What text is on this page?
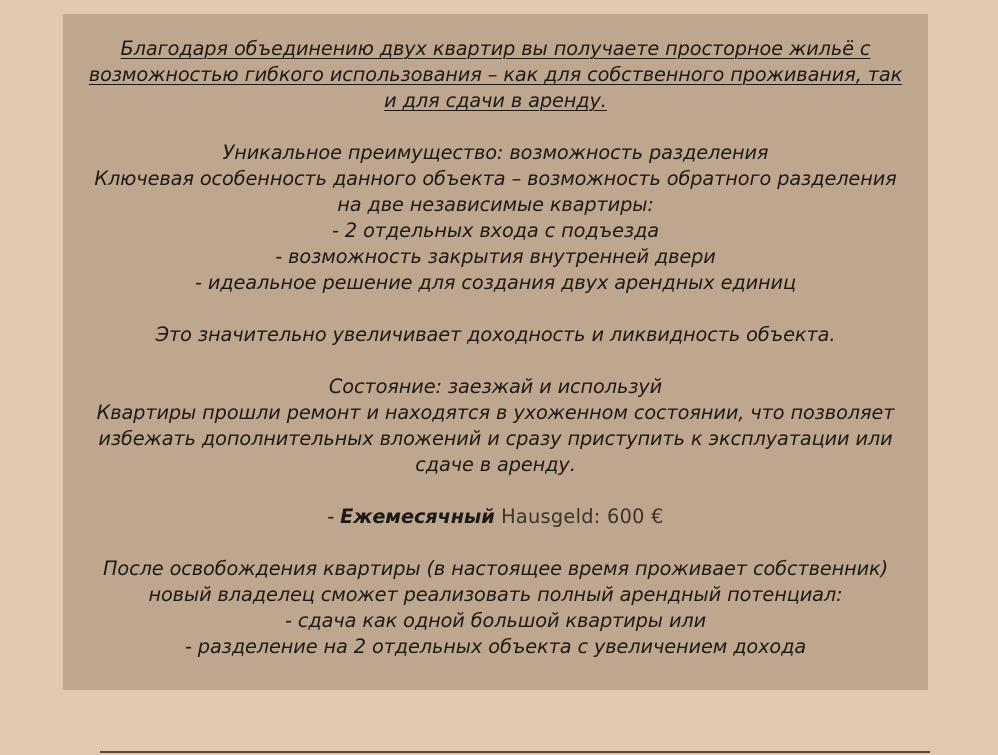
Благодаря объединению двух квартир вы получаете просторное жильё с
возможностью гибкого использования – как для собственного проживания, так
и для сдачи в аренду.
Уникальное преимущество: возможность разделения
Ключевая особенность данного объекта – возможность обратного разделения
на две независимые квартиры:
- 2 отдельных входа с подъезда
- возможность закрытия внутренней двери
- идеальное решение для создания двух арендных единиц
Это значительно увеличивает доходность и ликвидность объекта.
Состояние: заезжай и используй
Квартиры прошли ремонт и находятся в ухоженном состоянии, что позволяет
избежать дополнительных вложений и сразу приступить к эксплуатации или
сдаче в аренду.
- Ежемесячный Hausgeld: 600 €
После освобождения квартиры (в настоящее время проживает собственник)
новый владелец сможет реализовать полный арендный потенциал:
- сдача как одной большой квартиры или
- разделение на 2 отдельных объекта с увеличением дохода
